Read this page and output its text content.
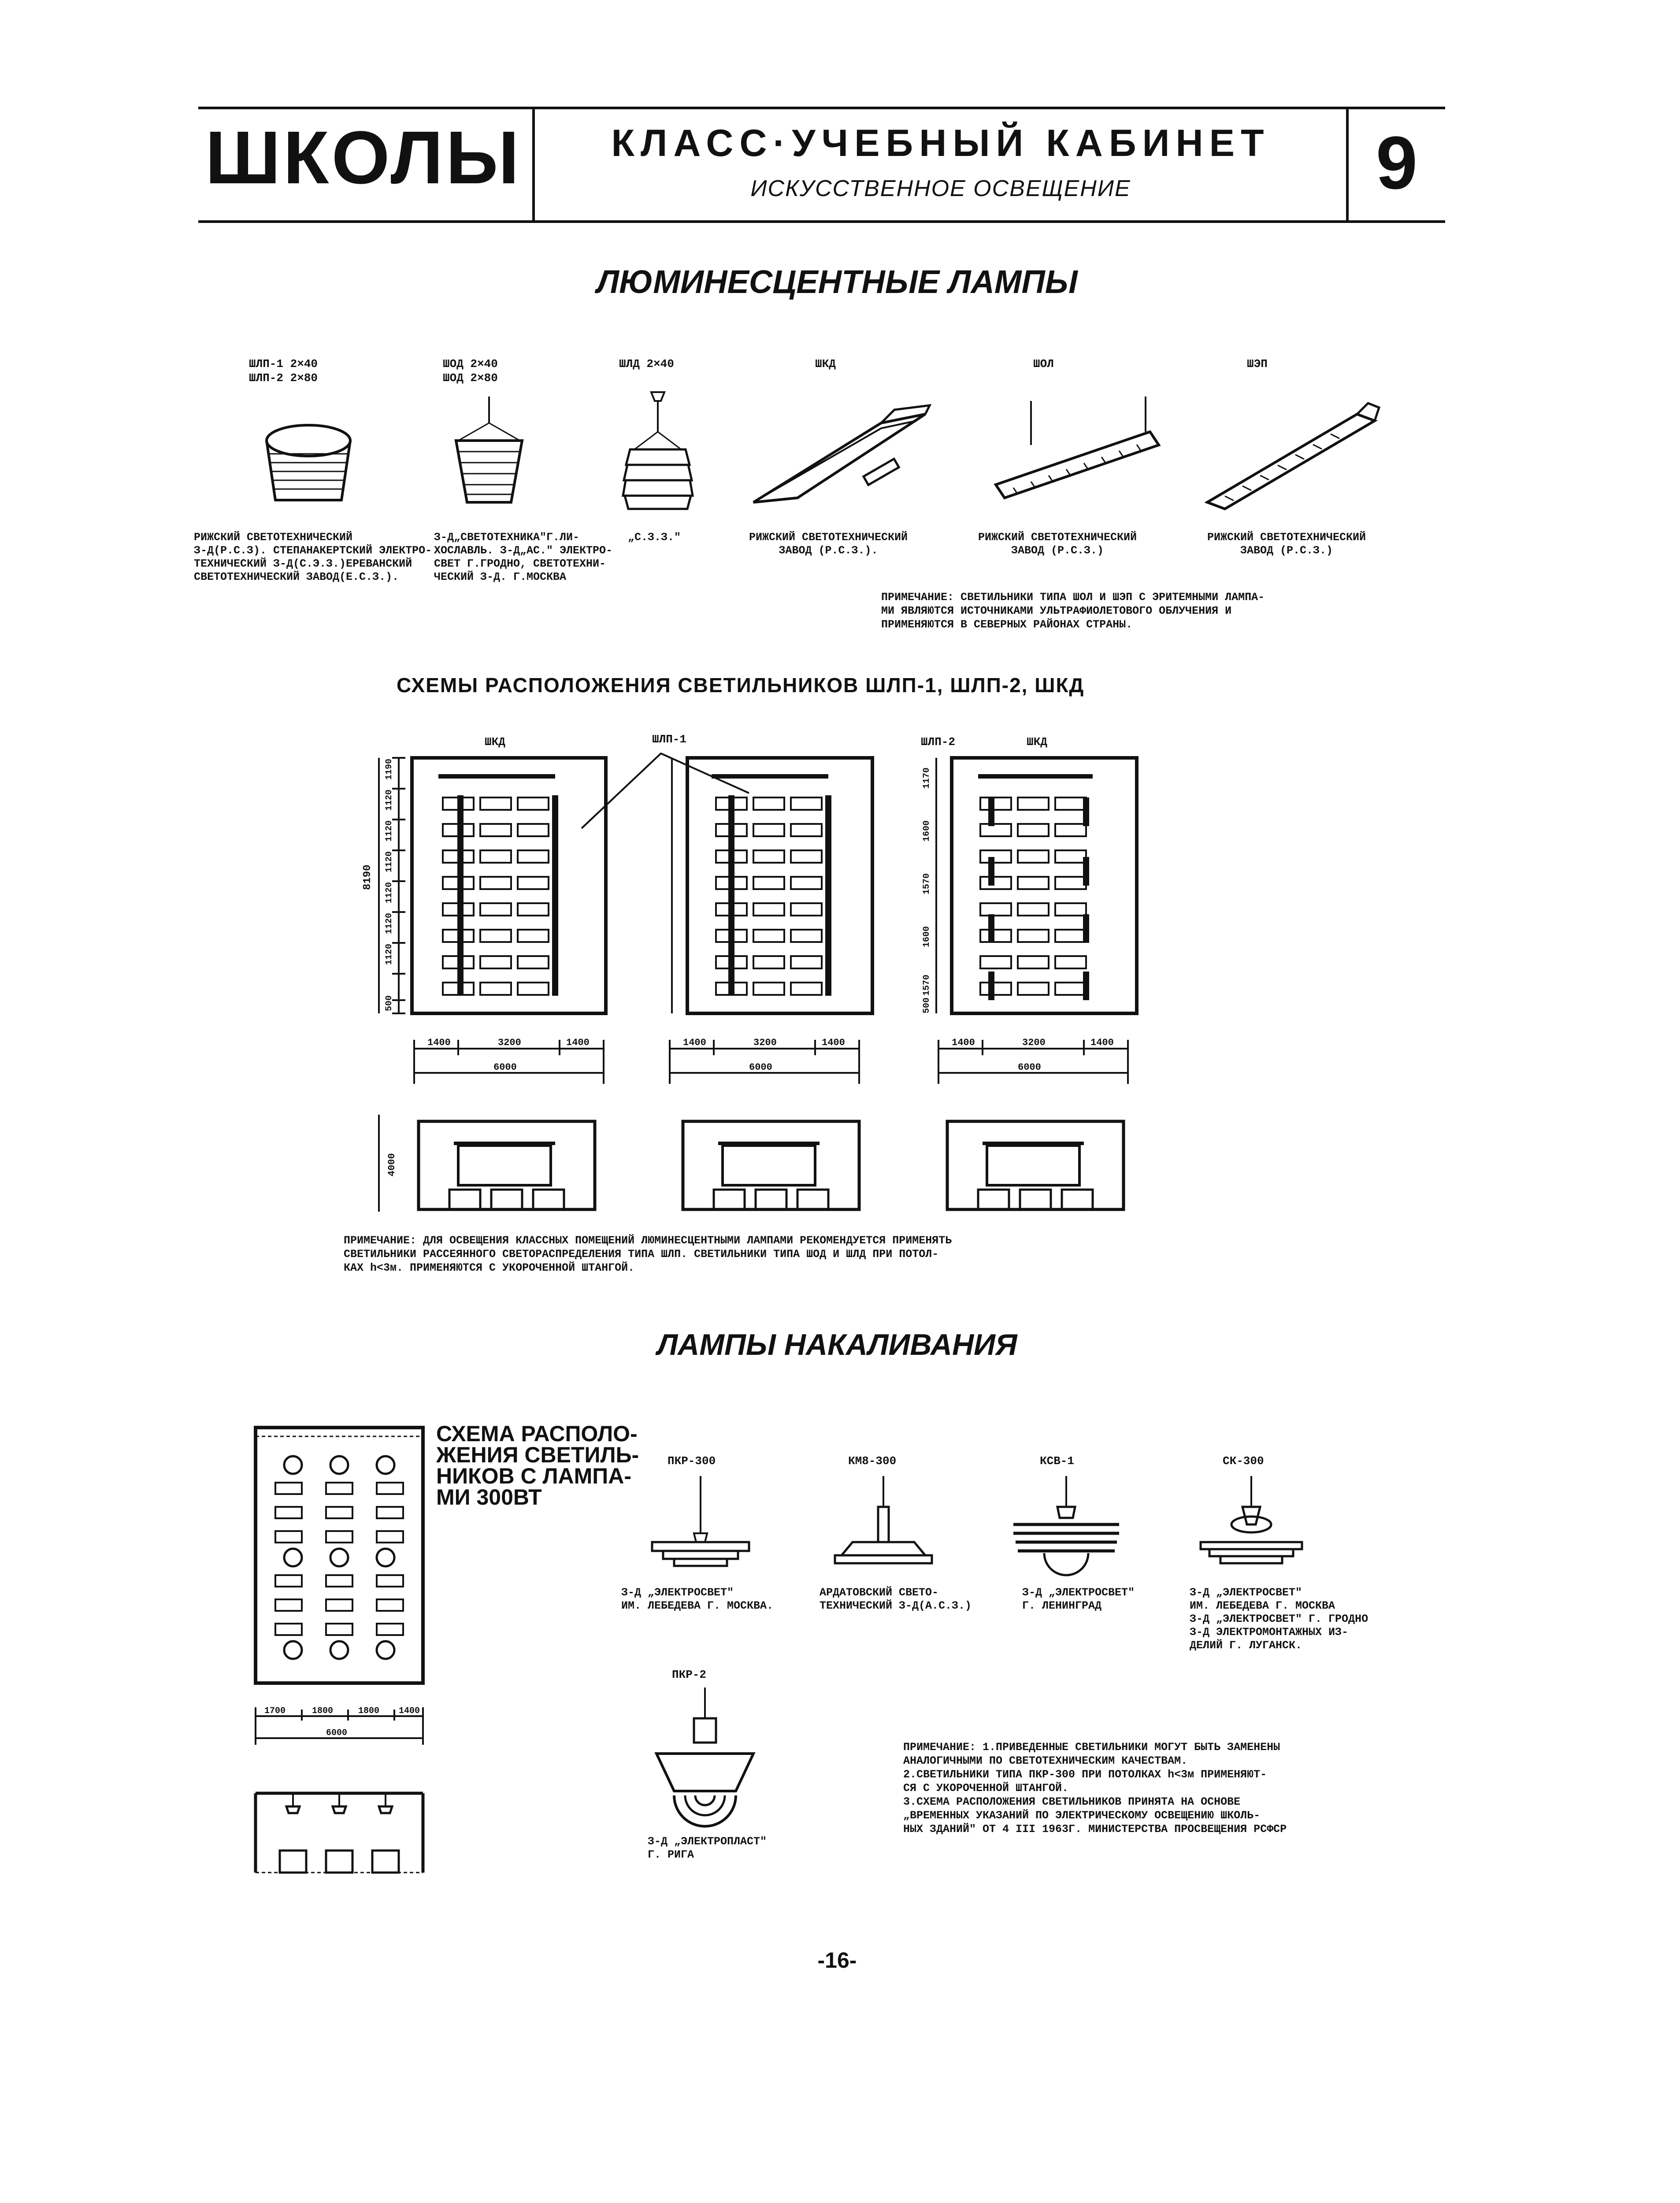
ШКОЛЫ	КЛАСС·УЧЕБНЫЙ КАБИНЕТ
ИСКУССТВЕННОЕ ОСВЕЩЕНИЕ	9
ЛЮМИНЕСЦЕНТНЫЕ ЛАМПЫ
ШЛП-1 2×40
ШЛП-2 2×80
ШОД 2×40
ШОД 2×80
ШЛД 2×40	ШКД	ШОЛ	ШЭП
РИЖСКИЙ СВЕТОТЕХНИЧЕСКИЙ
З-Д(Р.С.З). СТЕПАНАКЕРТСКИЙ ЭЛЕКТРО-
ТЕХНИЧЕСКИЙ З-Д(С.Э.З.)ЕРЕВАНСКИЙ
СВЕТОТЕХНИЧЕСКИЙ ЗАВОД(Е.С.З.).
З-Д„СВЕТОТЕХНИКА"Г.ЛИ-
ХОСЛАВЛЬ. З-Д„АС." ЭЛЕКТРО-
СВЕТ Г.ГРОДНО, СВЕТОТЕХНИ-
ЧЕСКИЙ З-Д. Г.МОСКВА
„С.З.З."	РИЖСКИЙ СВЕТОТЕХНИЧЕСКИЙ
ЗАВОД (Р.С.З.).
РИЖСКИЙ СВЕТОТЕХНИЧЕСКИЙ
ЗАВОД (Р.С.З.)
РИЖСКИЙ СВЕТОТЕХНИЧЕСКИЙ
ЗАВОД (Р.С.З.)
ПРИМЕЧАНИЕ: СВЕТИЛЬНИКИ ТИПА ШОЛ И ШЭП С ЭРИТЕМНЫМИ ЛАМПА-
МИ ЯВЛЯЮТСЯ ИСТОЧНИКАМИ УЛЬТРАФИОЛЕТОВОГО ОБЛУЧЕНИЯ И
ПРИМЕНЯЮТСЯ В СЕВЕРНЫХ РАЙОНАХ СТРАНЫ.
СХЕМЫ РАСПОЛОЖЕНИЯ СВЕТИЛЬНИКОВ ШЛП-1, ШЛП-2, ШКД
ШКД	ШЛП-1	ШЛП-2	ШКД
8190
1190
1120
1120
1120
1120
1120
1120
500
1170
1600
1570
1600
1570
500
1400	3200	1400
6000
1400	3200	1400
6000
1400	3200	1400
6000
4000
ПРИМЕЧАНИЕ: ДЛЯ ОСВЕЩЕНИЯ КЛАССНЫХ ПОМЕЩЕНИЙ ЛЮМИНЕСЦЕНТНЫМИ ЛАМПАМИ РЕКОМЕНДУЕТСЯ ПРИМЕНЯТЬ
СВЕТИЛЬНИКИ РАССЕЯННОГО СВЕТОРАСПРЕДЕЛЕНИЯ ТИПА ШЛП. СВЕТИЛЬНИКИ ТИПА ШОД И ШЛД ПРИ ПОТОЛ-
КАХ h<3м. ПРИМЕНЯЮТСЯ С УКОРОЧЕННОЙ ШТАНГОЙ.
ЛАМПЫ НАКАЛИВАНИЯ
СХЕМА РАСПОЛО-
ЖЕНИЯ СВЕТИЛЬ-
НИКОВ С ЛАМПА-
МИ 300ВТ
1700	1800	1800 1400
6000
ПКР-300	КМ8-300	КСВ-1	СК-300
ПКР-2
З-Д „ЭЛЕКТРОСВЕТ"
ИМ. ЛЕБЕДЕВА Г. МОСКВА.
АРДАТОВСКИЙ СВЕТО-
ТЕХНИЧЕСКИЙ З-Д(А.С.З.)
З-Д „ЭЛЕКТРОСВЕТ"
Г. ЛЕНИНГРАД
З-Д „ЭЛЕКТРОСВЕТ"
ИМ. ЛЕБЕДЕВА Г. МОСКВА
З-Д „ЭЛЕКТРОСВЕТ" Г. ГРОДНО
З-Д ЭЛЕКТРОМОНТАЖНЫХ ИЗ-
ДЕЛИЙ Г. ЛУГАНСК.
З-Д „ЭЛЕКТРОПЛАСТ"
Г. РИГА
ПРИМЕЧАНИЕ: 1.ПРИВЕДЕННЫЕ СВЕТИЛЬНИКИ МОГУТ БЫТЬ ЗАМЕНЕНЫ
АНАЛОГИЧНЫМИ ПО СВЕТОТЕХНИЧЕСКИМ КАЧЕСТВАМ.
2.СВЕТИЛЬНИКИ ТИПА ПКР-300 ПРИ ПОТОЛКАХ h<3м ПРИМЕНЯЮТ-
СЯ С УКОРОЧЕННОЙ ШТАНГОЙ.
3.СХЕМА РАСПОЛОЖЕНИЯ СВЕТИЛЬНИКОВ ПРИНЯТА НА ОСНОВЕ
„ВРЕМЕННЫХ УКАЗАНИЙ ПО ЭЛЕКТРИЧЕСКОМУ ОСВЕЩЕНИЮ ШКОЛЬ-
НЫХ ЗДАНИЙ" ОТ 4 III 1963Г. МИНИСТЕРСТВА ПРОСВЕЩЕНИЯ РСФСР
-16-
